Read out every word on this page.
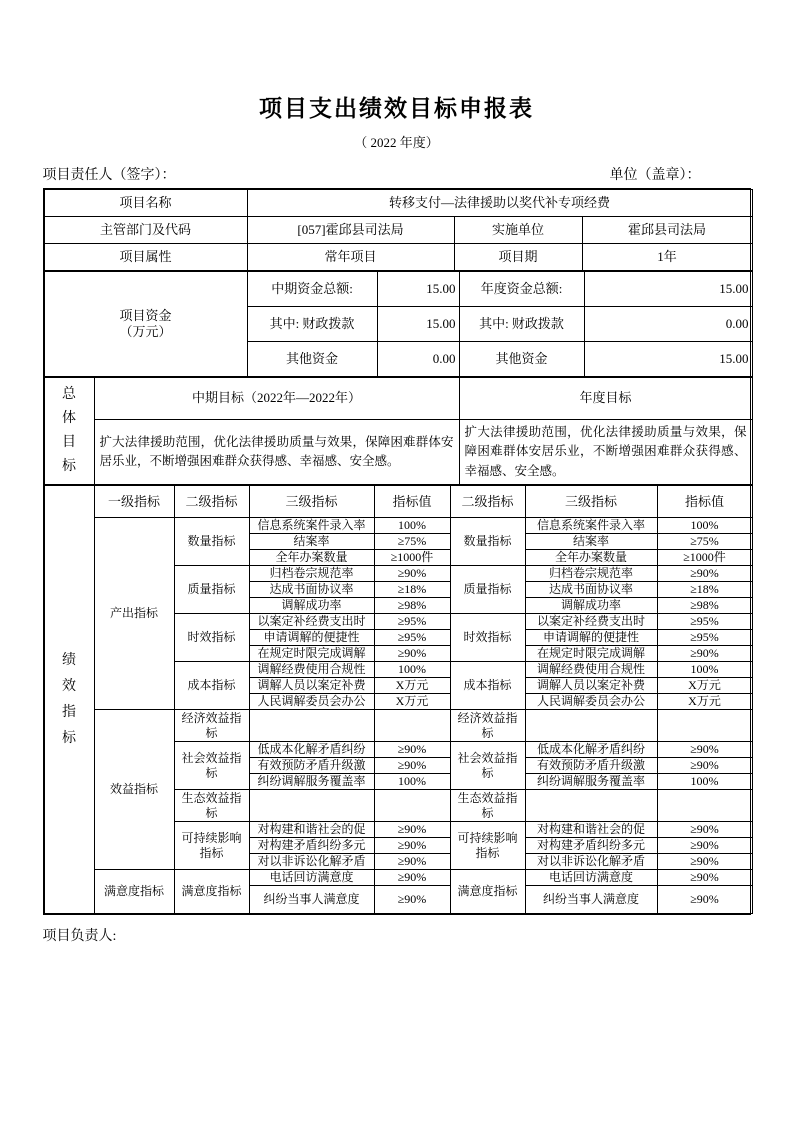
项目支出绩效目标申报表
（ 2022 年度）
项目责任人（签字）：	单位（盖章）：
项目名称	转移支付—法律援助以奖代补专项经费		
主管部门及代码	[057]霍邱县司法局	实施单位	霍邱县司法局
项目属性	常年项目	项目期	1年
项目资金
（万元）	中期资金总额:	15.00	年度资金总额:	15.00
	其中: 财政拨款	15.00	其中: 财政拨款	0.00
	其他资金	0.00	其他资金	15.00
总体目标	中期目标（2022年—2022年）	年度目标
	扩大法律援助范围，优化法律援助质量与效果，保障困难群体安居乐业，不断增强困难群众获得感、幸福感、安全感。	扩大法律援助范围，优化法律援助质量与效果，保障困难群体安居乐业，不断增强困难群众获得感、幸福感、安全感。
绩效指标	一级指标	二级指标	三级指标	指标值	二级指标	三级指标	指标值
	产出指标	数量指标	信息系统案件录入率	100%	数量指标	信息系统案件录入率	100%
			结案率	≥75%		结案率	≥75%
			全年办案数量	≥1000件		全年办案数量	≥1000件
		质量指标	归档卷宗规范率	≥90%	质量指标	归档卷宗规范率	≥90%
			达成书面协议率	≥18%		达成书面协议率	≥18%
			调解成功率	≥98%		调解成功率	≥98%
		时效指标	以案定补经费支出时	≥95%	时效指标	以案定补经费支出时	≥95%
			申请调解的便捷性	≥95%		申请调解的便捷性	≥95%
			在规定时限完成调解	≥90%		在规定时限完成调解	≥90%
		成本指标	调解经费使用合规性	100%	成本指标	调解经费使用合规性	100%
			调解人员以案定补费	X万元		调解人员以案定补费	X万元
			人民调解委员会办公	X万元		人民调解委员会办公	X万元
	效益指标	经济效益指标			经济效益指标		
		社会效益指标	低成本化解矛盾纠纷	≥90%	社会效益指标	低成本化解矛盾纠纷	≥90%
			有效预防矛盾升级激	≥90%		有效预防矛盾升级激	≥90%
			纠纷调解服务覆盖率	100%		纠纷调解服务覆盖率	100%
		生态效益指标			生态效益指标		
		可持续影响指标	对构建和谐社会的促	≥90%	可持续影响指标	对构建和谐社会的促	≥90%
			对构建矛盾纠纷多元	≥90%		对构建矛盾纠纷多元	≥90%
			对以非诉讼化解矛盾	≥90%		对以非诉讼化解矛盾	≥90%
	满意度指标	满意度指标	电话回访满意度	≥90%	满意度指标	电话回访满意度	≥90%
			纠纷当事人满意度	≥90%		纠纷当事人满意度	≥90%
项目负责人:
